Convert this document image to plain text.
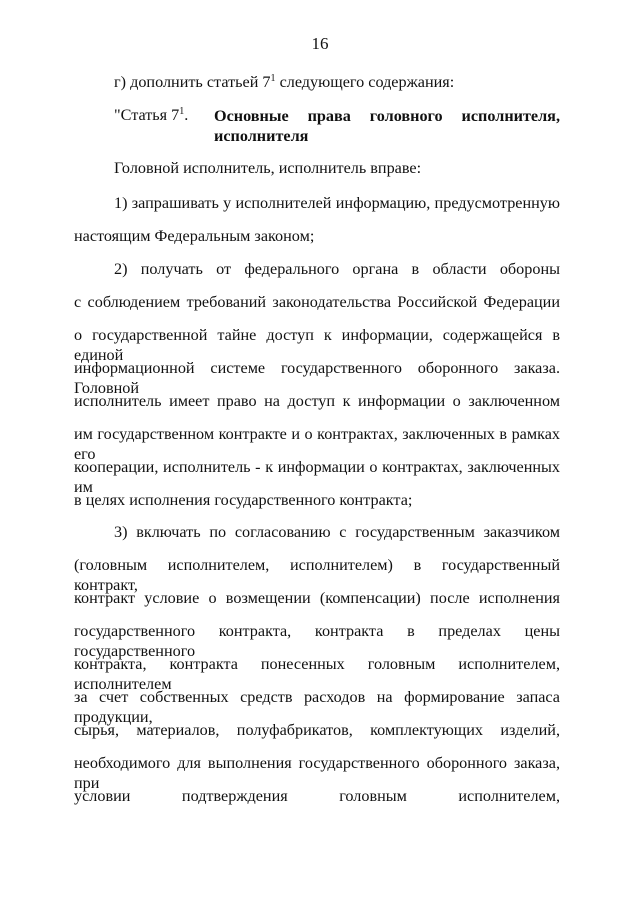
16
г) дополнить статьей $7^1$ следующего содержания:
"Статья $7^1$. Основные права головного исполнителя,
исполнителя
Головной исполнитель, исполнитель вправе:
1) запрашивать у исполнителей информацию, предусмотренную
настоящим Федеральным законом;
2) получать от федерального органа в области обороны
с соблюдением требований законодательства Российской Федерации
о государственной тайне доступ к информации, содержащейся в единой
информационной системе государственного оборонного заказа. Головной
исполнитель имеет право на доступ к информации о заключенном
им государственном контракте и о контрактах, заключенных в рамках его
кооперации, исполнитель - к информации о контрактах, заключенных им
в целях исполнения государственного контракта;
3) включать по согласованию с государственным заказчиком
(головным исполнителем, исполнителем) в государственный контракт,
контракт условие о возмещении (компенсации) после исполнения
государственного контракта, контракта в пределах цены государственного
контракта, контракта понесенных головным исполнителем, исполнителем
за счет собственных средств расходов на формирование запаса продукции,
сырья, материалов, полуфабрикатов, комплектующих изделий,
необходимого для выполнения государственного оборонного заказа, при
условии подтверждения головным исполнителем,
